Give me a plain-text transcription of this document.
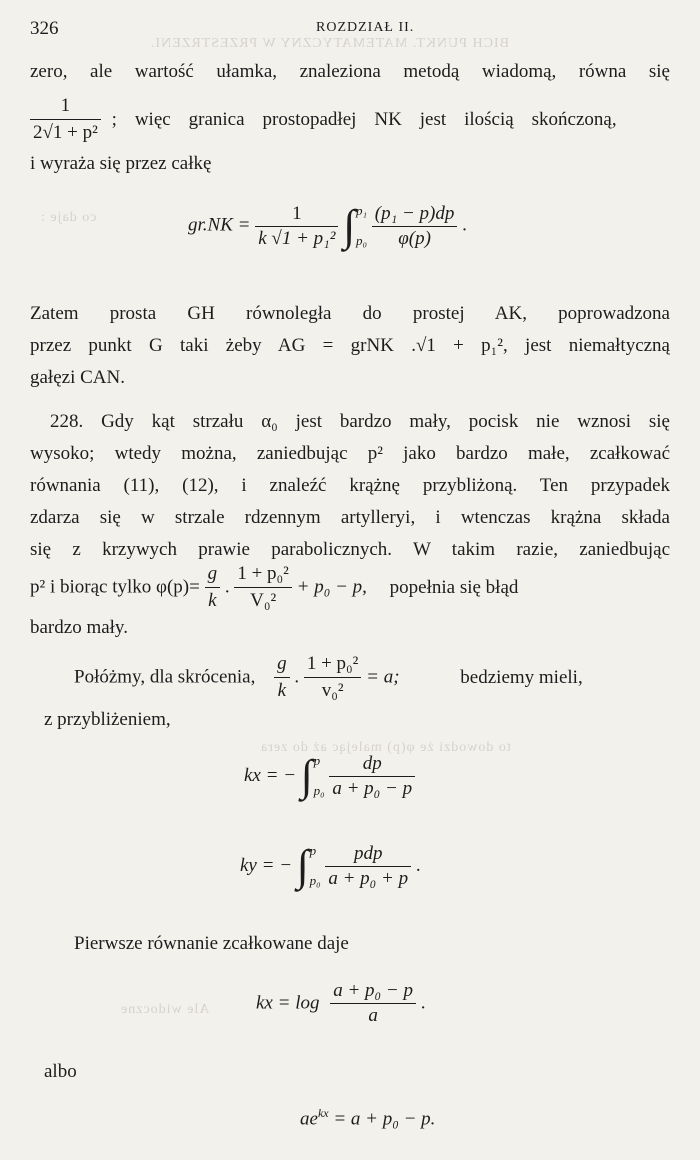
BICH PUNKT. MATEMATYCZNY W PRZESTRZENI.
co daje :
Ale widoczne
to dowodzi że φ(p) malejąc aż do zera
326	ROZDZIAŁ II.
zero, ale wartość ułamka, znaleziona metodą wiadomą, równa się
$\frac{1}{\text{2√1 + p²}}$ ; więc granica prostopadłej NK jest ilością skończoną,
i wyraża się przez całkę
$gr.NK = \frac{1}{\text{k √1 + p₁²}}$ ∫ p₁
p₀
$\frac{\text{(p₁ − p)dp}}{\varphi(p)}$ .
Zatem prosta GH równoległa do prostej AK, poprowadzona
przez punkt G taki żeby AG = grNK .√1 + p₁², jest niemałtyczną
gałęzi CAN.
228. Gdy kąt strzału α₀ jest bardzo mały, pocisk nie wznosi się
wysoko; wtedy można, zaniedbując p² jako bardzo małe, zcałkować
równania (11), (12), i znaleźć krążnę przybliżoną. Ten przypadek
zdarza się w strzale rdzennym artylleryi, i wtenczas krążna składa
się z krzywych prawie parabolicznych. W takim razie, zaniedbując
p² i biorąc tylko $\varphi(p)= \frac{g}{k}$ . $\frac{\text{1 + p₀²}}{\text{V₀²}} + p_0 - p$, popełnia się błąd
bardzo mały.
Połóżmy, dla skrócenia, $\frac{g}{k}$ . $\frac{\text{1 + p₀²}}{\text{v₀²}} = a$;	bedziemy mieli,
z przybliżeniem,
kx = − ∫ p
p₀
$\frac{dp}{\text{a + p₀ − p}}$
ky = − ∫ p
p₀
$\frac{\text{pdp}}{\text{a + p₀ + p}}$ .
Pierwsze równanie zcałkowane daje
kx = $\log \frac{\text{a + p₀ − p}}{a}$ .
albo
$ae^{kx} = a + p_0 - p$.
